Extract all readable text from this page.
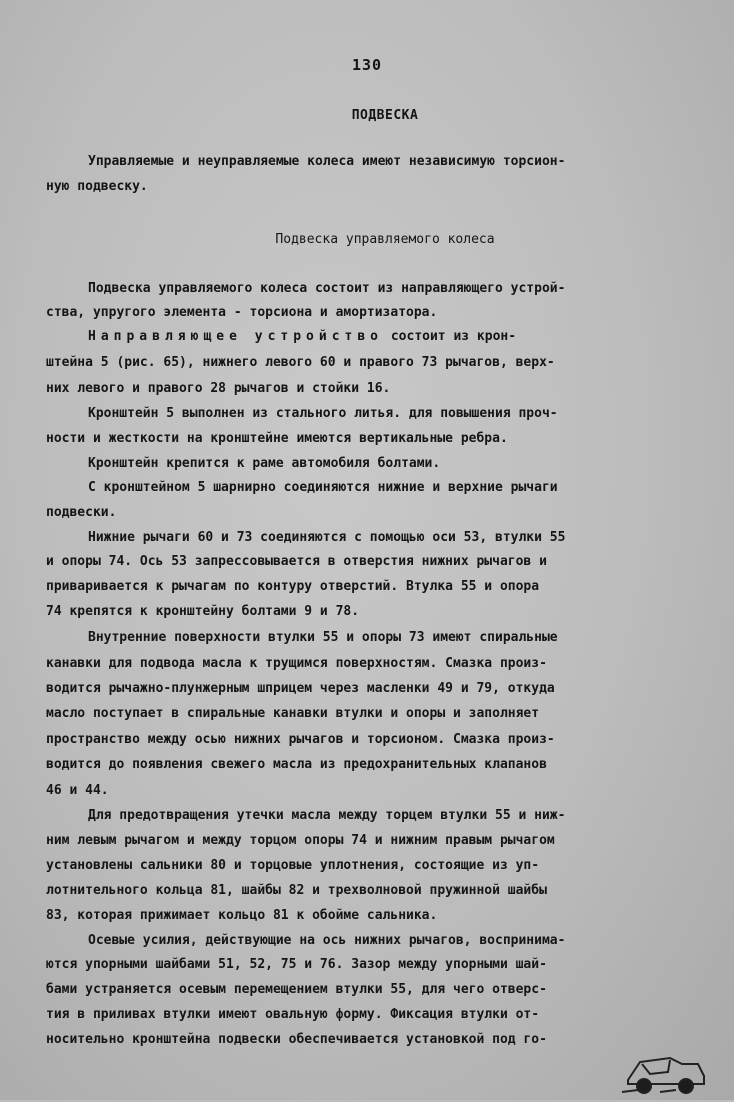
130
ПОДВЕСКА
Управляемые и неуправляемые колеса имеют независимую торсион-
ную подвеску.
Подвеска управляемого колеса
Подвеска управляемого колеса состоит из направляющего устрой-
ства, упругого элемента - торсиона и амортизатора.
Направляющее устройство состоит из крон-
штейна 5 (рис. 65), нижнего левого 60 и правого 73 рычагов, верх-
них левого и правого 28 рычагов и стойки 16.
Кронштейн 5 выполнен из стального литья. для повышения проч-
ности и жесткости на кронштейне имеются вертикальные ребра.
Кронштейн крепится к раме автомобиля болтами.
С кронштейном 5 шарнирно соединяются нижние и верхние рычаги
подвески.
Нижние рычаги 60 и 73 соединяются с помощью оси 53, втулки 55
и опоры 74. Ось 53 запрессовывается в отверстия нижних рычагов и
приваривается к рычагам по контуру отверстий. Втулка 55 и опора
74 крепятся к кронштейну болтами 9 и 78.
Внутренние поверхности втулки 55 и опоры 73 имеют спиральные
канавки для подвода масла к трущимся поверхностям. Смазка произ-
водится рычажно-плунжерным шприцем через масленки 49 и 79, откуда
масло поступает в спиральные канавки втулки и опоры и заполняет
пространство между осью нижних рычагов и торсионом. Смазка произ-
водится до появления свежего масла из предохранительных клапанов
46 и 44.
Для предотвращения утечки масла между торцем втулки 55 и ниж-
ним левым рычагом и между торцом опоры 74 и нижним правым рычагом
установлены сальники 80 и торцовые уплотнения, состоящие из уп-
лотнительного кольца 81, шайбы 82 и трехволновой пружинной шайбы
83, которая прижимает кольцо 81 к обойме сальника.
Осевые усилия, действующие на ось нижних рычагов, воспринима-
ются упорными шайбами 51, 52, 75 и 76. Зазор между упорными шай-
бами устраняется осевым перемещением втулки 55, для чего отверс-
тия в приливах втулки имеют овальную форму. Фиксация втулки от-
носительно кронштейна подвески обеспечивается установкой под го-
